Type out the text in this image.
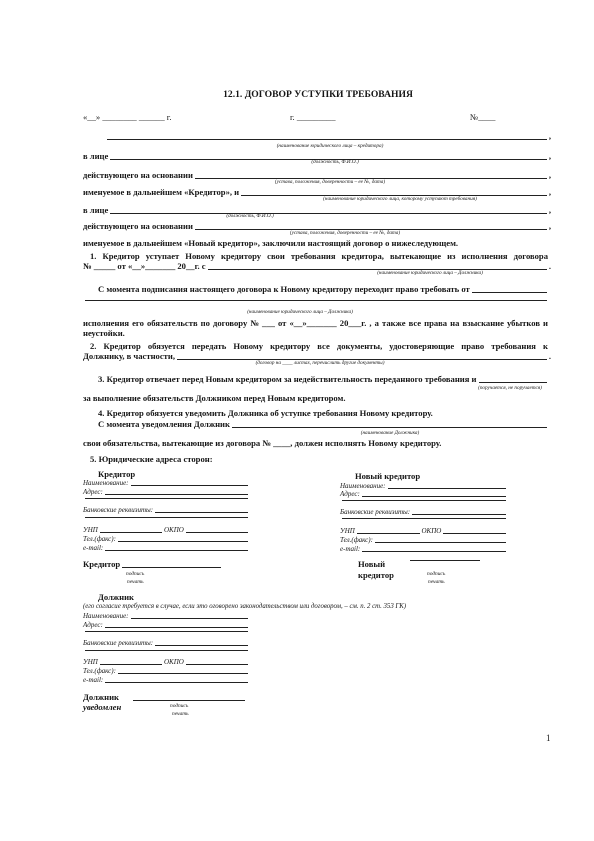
12.1. ДОГОВОР УСТУПКИ ТРЕБОВАНИЯ
«__» ________ ______ г.	г. _________	№____
,
(наименование юридического лица – кредитора)
в лице	,
(должность, Ф.И.О.)
действующего на основании	,
(устава, положения, доверенности – ее №, дата)
именуемое в дальнейшем «Кредитор», и	,
(наименование юридического лица, которому уступают требования)
в лице	,
(должность, Ф.И.О.)
действующего на основании	,
(устава, положения, доверенности – ее №, дата)
именуемое в дальнейшем «Новый кредитор», заключили настоящий договор о нижеследующем.
1. Кредитор уступает Новому кредитору свои требования кредитора, вытекающие из исполнения договора
№ _____ от «__»_______ 20__г. с	.
(наименование юридического лица – Должника)
С момента подписания настоящего договора к Новому кредитору переходит право требовать от
(наименование юридического лица – Должника)
исполнения его обязательств по договору № ___ от «__»_______ 20___г. , а также все права на взыскание убытков и
неустойки.
2. Кредитор обязуется передать Новому кредитору все документы, удостоверяющие право требования к
Должнику, в частности,	.
(договор на ____ листах, перечислить другие документы)
3. Кредитор отвечает перед Новым кредитором за недействительность переданного требования и
(поручается, не поручается)
за выполнение обязательств Должником перед Новым кредитором.
4. Кредитор обязуется уведомить Должника об уступке требования Новому кредитору.
С момента уведомления Должник
(наименование Должника)
свои обязательства, вытекающие из договора № ____, должен исполнять Новому кредитору.
5. Юридические адреса сторон:
Кредитор
Наименование:
Адрес:
Банковские реквизиты:
УНП	ОКПО
Тел.(факс):
e-mail:
Новый кредитор
Наименование:
Адрес:
Банковские реквизиты:
УНП	ОКПО
Тел.(факс):
e-mail:
Кредитор
подпись
печать
Новый
кредитор	подпись
печать
Должник
(его согласие требуется в случае, если это оговорено законодательством или договором, – см. п. 2 ст. 353 ГК)
Наименование:
Адрес:
Банковские реквизиты:
УНП	ОКПО
Тел.(факс):
e-mail:
Должник
уведомлен	подпись
печать
1
